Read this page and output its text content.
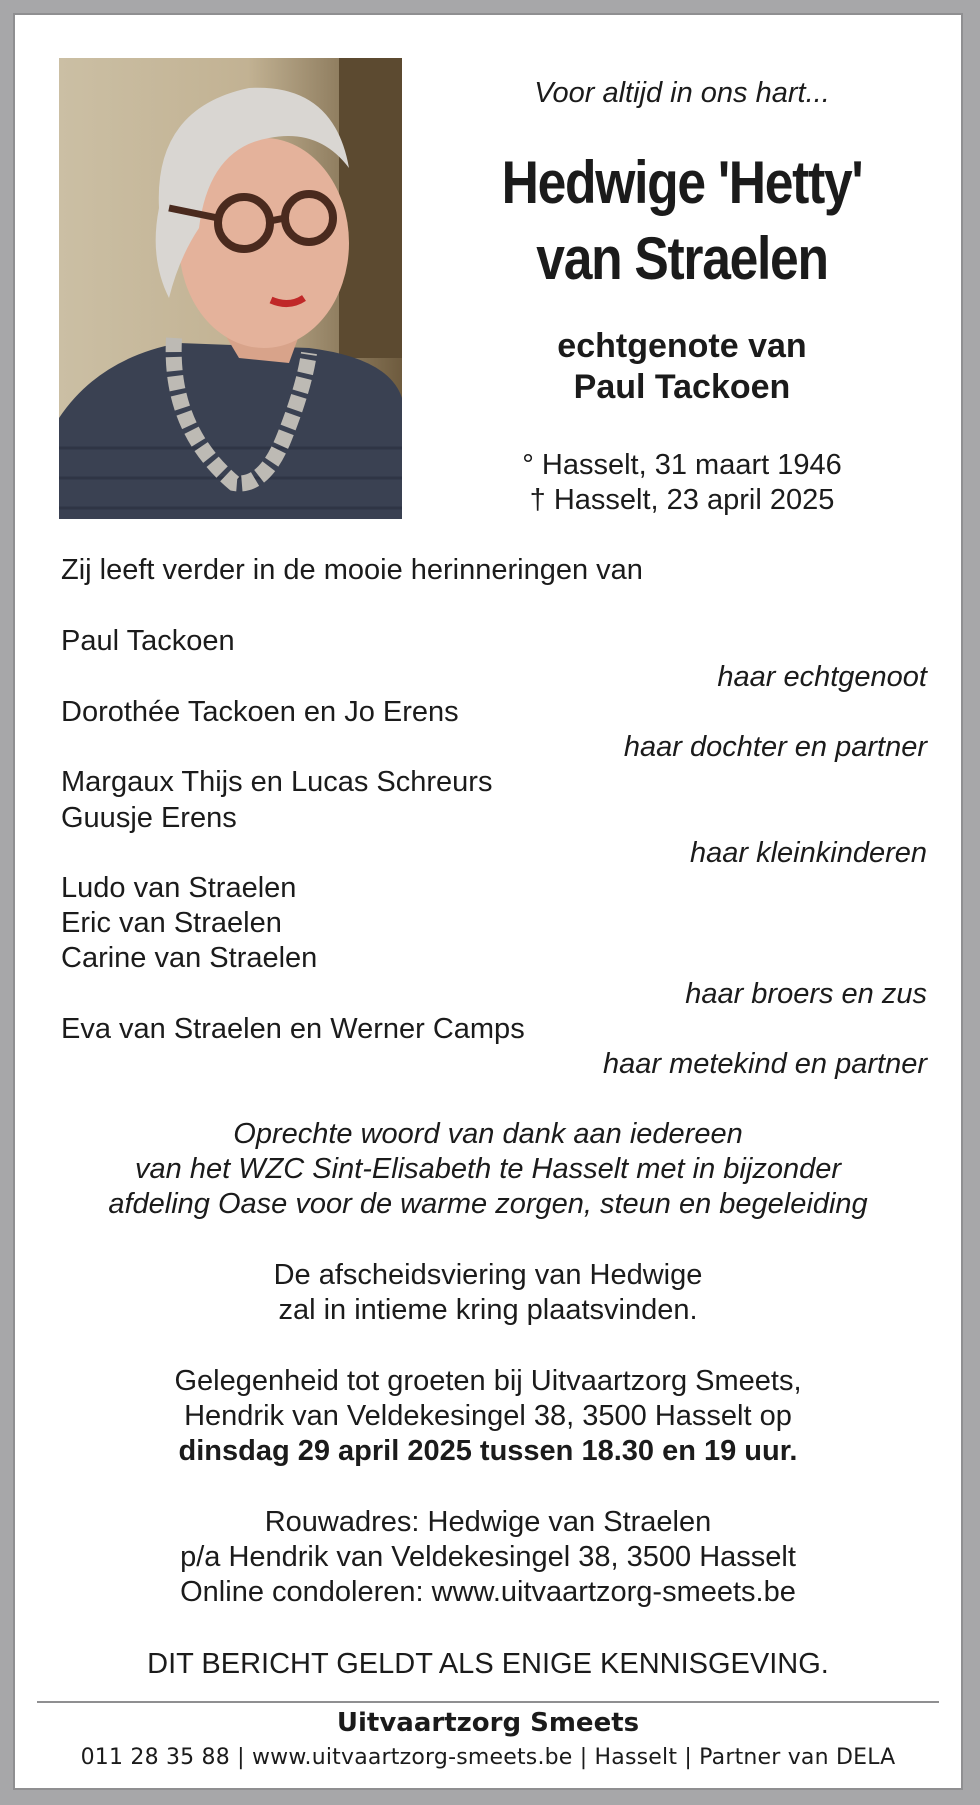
Voor altijd in ons hart...
Hedwige 'Hetty'
van Straelen
echtgenote van
Paul Tackoen
° Hasselt, 31 maart 1946
† Hasselt, 23 april 2025
Zij leeft verder in de mooie herinneringen van
Paul Tackoen
haar echtgenoot
Dorothée Tackoen en Jo Erens
haar dochter en partner
Margaux Thijs en Lucas Schreurs
Guusje Erens
haar kleinkinderen
Ludo van Straelen
Eric van Straelen
Carine van Straelen
haar broers en zus
Eva van Straelen en Werner Camps
haar metekind en partner
Oprechte woord van dank aan iedereen
van het WZC Sint-Elisabeth te Hasselt met in bijzonder
afdeling Oase voor de warme zorgen, steun en begeleiding
De afscheidsviering van Hedwige
zal in intieme kring plaatsvinden.
Gelegenheid tot groeten bij Uitvaartzorg Smeets,
Hendrik van Veldekesingel 38, 3500 Hasselt op
dinsdag 29 april 2025 tussen 18.30 en 19 uur.
Rouwadres: Hedwige van Straelen
p/a Hendrik van Veldekesingel 38, 3500 Hasselt
Online condoleren: www.uitvaartzorg-smeets.be
DIT BERICHT GELDT ALS ENIGE KENNISGEVING.
Uitvaartzorg Smeets
011 28 35 88 | www.uitvaartzorg-smeets.be | Hasselt | Partner van DELA
